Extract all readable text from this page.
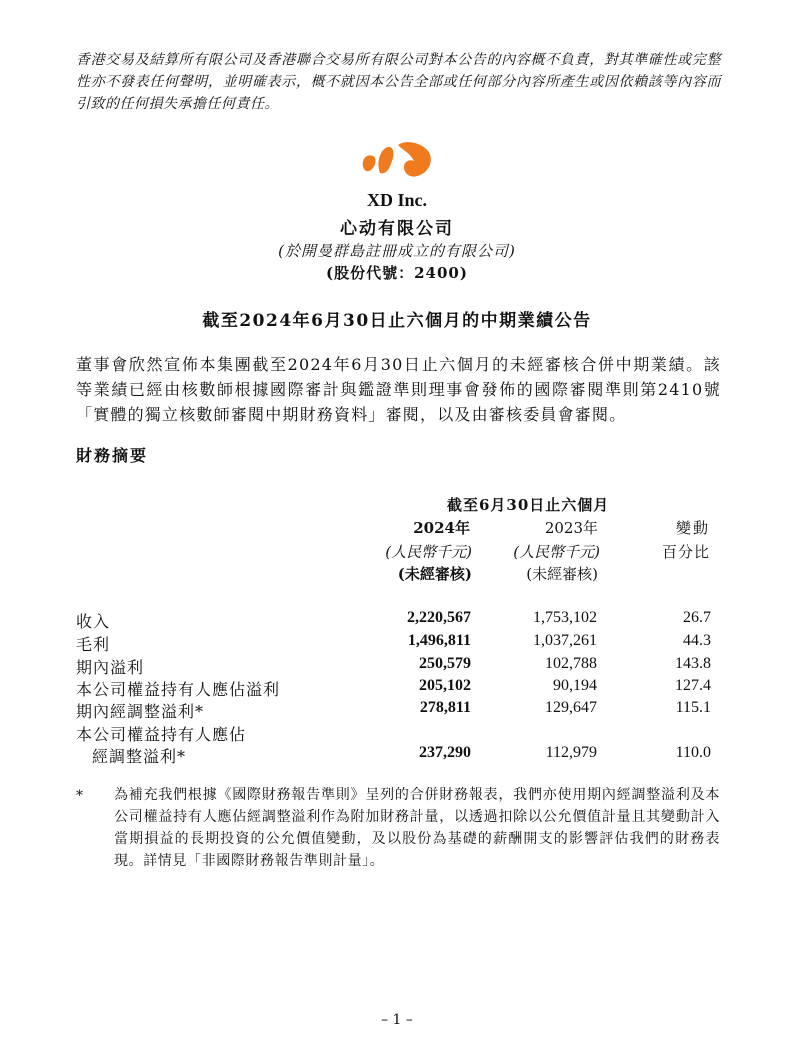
香港交易及結算所有限公司及香港聯合交易所有限公司對本公告的內容概不負責，對其準確性或完整性亦不發表任何聲明，並明確表示，概不就因本公告全部或任何部分內容所產生或因依賴該等內容而引致的任何損失承擔任何責任。
XD Inc.
心动有限公司
(於開曼群島註冊成立的有限公司)
(股份代號：2400)
截至2024年6月30日止六個月的中期業績公告
董事會欣然宣佈本集團截至2024年6月30日止六個月的未經審核合併中期業績。該等業績已經由核數師根據國際審計與鑑證準則理事會發佈的國際審閱準則第2410號「實體的獨立核數師審閱中期財務資料」審閱，以及由審核委員會審閱。
財務摘要
截至6月30日止六個月
2024年	2023年	變動
(人民幣千元)	(人民幣千元)	百分比
(未經審核)	(未經審核)
收入	2,220,567	1,753,102	26.7
毛利	1,496,811	1,037,261	44.3
期內溢利	250,579	102,788	143.8
本公司權益持有人應佔溢利	205,102	90,194	127.4
期內經調整溢利*	278,811	129,647	115.1
本公司權益持有人應佔
經調整溢利*	237,290	112,979	110.0
* 為補充我們根據《國際財務報告準則》呈列的合併財務報表，我們亦使用期內經調整溢利及本公司權益持有人應佔經調整溢利作為附加財務計量，以透過扣除以公允價值計量且其變動計入當期損益的長期投資的公允價值變動，及以股份為基礎的薪酬開支的影響評估我們的財務表現。詳情見「非國際財務報告準則計量」。
– 1 –
